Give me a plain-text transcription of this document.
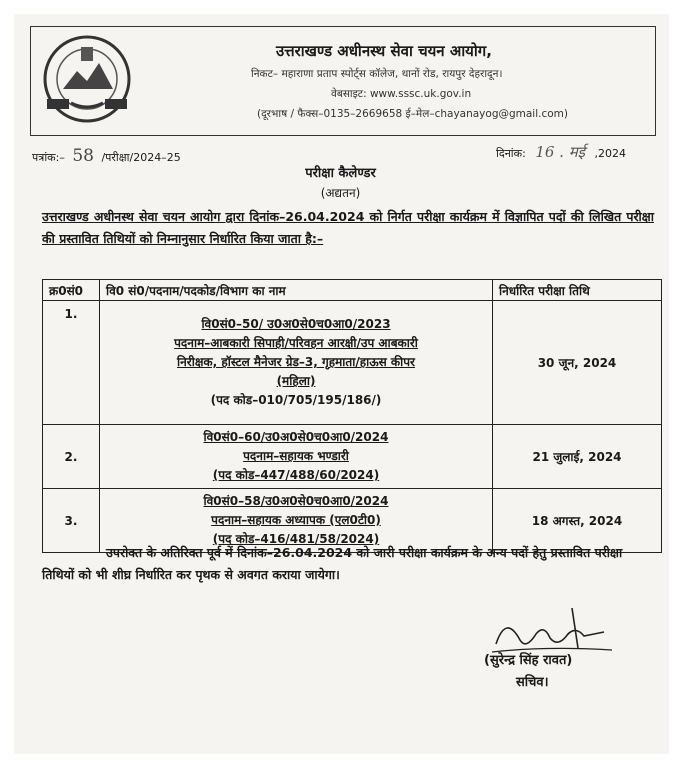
उत्तराखण्ड अधीनस्थ सेवा चयन आयोग,
निकट– महाराणा प्रताप स्पोर्ट्स कॉलेज, थानों रोड, रायपुर देहरादून।
वेबसाइट: www.sssc.uk.gov.in
(दूरभाष / फैक्स–0135–2669658 ई–मेल–chayanayog@gmail.com)
पत्रांक:– 58 /परीक्षा/2024–25	दिनांक: 16 . मई ,2024
परीक्षा कैलेण्डर
(अद्यतन)
उत्तराखण्ड अधीनस्थ सेवा चयन आयोग द्वारा दिनांक–26.04.2024 को निर्गत परीक्षा कार्यक्रम में विज्ञापित पदों की लिखित परीक्षा की प्रस्तावित तिथियों को निम्नानुसार निर्धारित किया जाता है:–
क्र0सं0	वि0 सं0/पदनाम/पदकोड/विभाग का नाम	निर्धारित परीक्षा तिथि
1.	वि0सं0–50/ उ0अ0से0च0आ0/2023
पदनाम–आबकारी सिपाही/परिवहन आरक्षी/उप आबकारी
निरीक्षक, हॉस्टल मैनेजर ग्रेड–3, गृहमाता/हाऊस कीपर
(महिला)
(पद कोड–010/705/195/186/)	30 जून, 2024
2.	वि0सं0–60/उ0अ0से0च0आ0/2024
पदनाम–सहायक भण्डारी
(पद कोड–447/488/60/2024)	21 जुलाई, 2024
3.	वि0सं0–58/उ0अ0से0च0आ0/2024
पदनाम–सहायक अध्यापक (एल0टी0)
(पद कोड–416/481/58/2024)	18 अगस्त, 2024
उपरोक्त के अतिरिक्त पूर्व में दिनांक–26.04.2024 को जारी परीक्षा कार्यक्रम के अन्य पदों हेतु प्रस्तावित परीक्षा तिथियों को भी शीघ्र निर्धारित कर पृथक से अवगत कराया जायेगा।
(सुरेन्द्र सिंह रावत)
सचिव।
